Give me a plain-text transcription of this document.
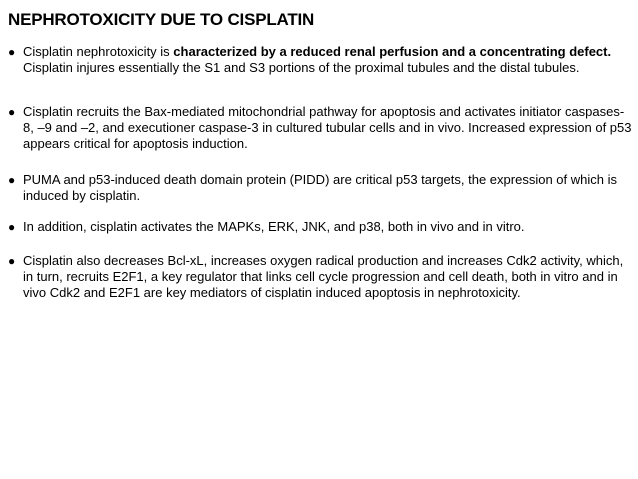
NEPHROTOXICITY DUE TO CISPLATIN
● Cisplatin nephrotoxicity is characterized by a reduced renal perfusion and a concentrating defect. Cisplatin injures essentially the S1 and S3 portions of the proximal tubules and the distal tubules.
● Cisplatin recruits the Bax-mediated mitochondrial pathway for apoptosis and activates initiator caspases-8, –9 and –2, and executioner caspase-3 in cultured tubular cells and in vivo. Increased expression of p53 appears critical for apoptosis induction.
● PUMA and p53-induced death domain protein (PIDD) are critical p53 targets, the expression of which is induced by cisplatin.
● In addition, cisplatin activates the MAPKs, ERK, JNK, and p38, both in vivo and in vitro.
● Cisplatin also decreases Bcl-xL, increases oxygen radical production and increases Cdk2 activity, which, in turn, recruits E2F1, a key regulator that links cell cycle progression and cell death, both in vitro and in vivo Cdk2 and E2F1 are key mediators of cisplatin induced apoptosis in nephrotoxicity.
